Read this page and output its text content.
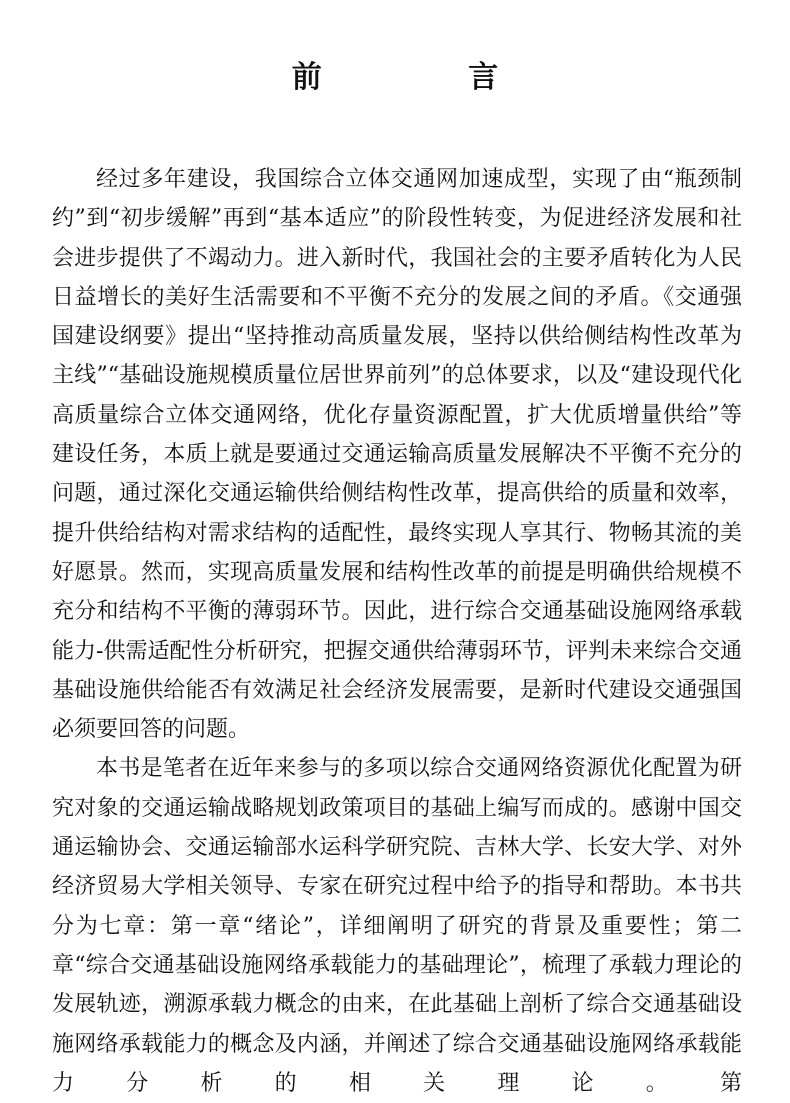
前 言

经过多年建设，我国综合立体交通网加速成型，实现了由“瓶颈制约”到“初步缓解”再到“基本适应”的阶段性转变，为促进经济发展和社会进步提供了不竭动力。进入新时代，我国社会的主要矛盾转化为人民日益增长的美好生活需要和不平衡不充分的发展之间的矛盾。《交通强国建设纲要》提出“坚持推动高质量发展，坚持以供给侧结构性改革为主线”“基础设施规模质量位居世界前列”的总体要求，以及“建设现代化高质量综合立体交通网络，优化存量资源配置，扩大优质增量供给”等建设任务，本质上就是要通过交通运输高质量发展解决不平衡不充分的问题，通过深化交通运输供给侧结构性改革，提高供给的质量和效率，提升供给结构对需求结构的适配性，最终实现人享其行、物畅其流的美好愿景。然而，实现高质量发展和结构性改革的前提是明确供给规模不充分和结构不平衡的薄弱环节。因此，进行综合交通基础设施网络承载能力-供需适配性分析研究，把握交通供给薄弱环节，评判未来综合交通基础设施供给能否有效满足社会经济发展需要，是新时代建设交通强国必须要回答的问题。

本书是笔者在近年来参与的多项以综合交通网络资源优化配置为研究对象的交通运输战略规划政策项目的基础上编写而成的。感谢中国交通运输协会、交通运输部水运科学研究院、吉林大学、长安大学、对外经济贸易大学相关领导、专家在研究过程中给予的指导和帮助。本书共分为七章：第一章“绪论”，详细阐明了研究的背景及重要性；第二章“综合交通基础设施网络承载能力的基础理论”，梳理了承载力理论的发展轨迹，溯源承载力概念的由来，在此基础上剖析了综合交通基础设施网络承载能力的概念及内涵，并阐述了综合交通基础设施网络承载能力分析的相关理论。第
